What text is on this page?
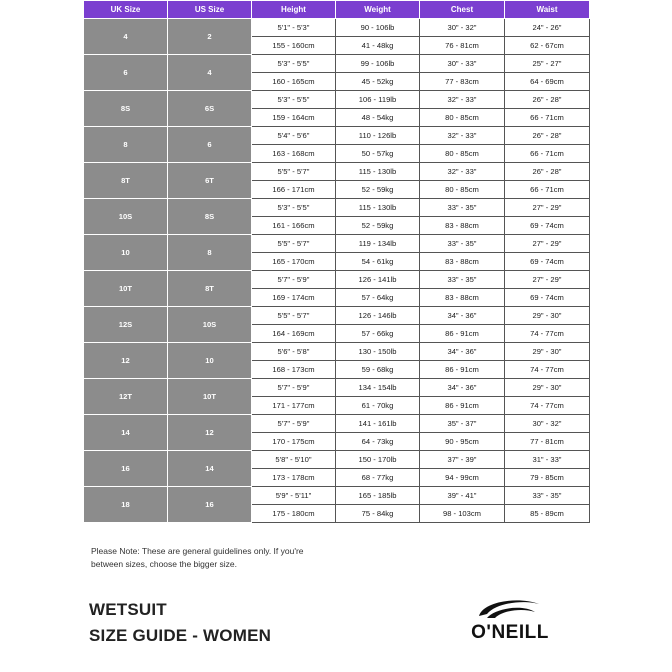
UK Size	US Size	Height	Weight	Chest	Waist
4	2	5'1" - 5'3"	90 - 106lb	30" - 32"	24" - 26"
		155 - 160cm	41 - 48kg	76 - 81cm	62 - 67cm
6	4	5'3" - 5'5"	99 - 106lb	30" - 33"	25" - 27"
		160 - 165cm	45 - 52kg	77 - 83cm	64 - 69cm
8S	6S	5'3" - 5'5"	106 - 119lb	32" - 33"	26" - 28"
		159 - 164cm	48 - 54kg	80 - 85cm	66 - 71cm
8	6	5'4" - 5'6"	110 - 126lb	32" - 33"	26" - 28"
		163 - 168cm	50 - 57kg	80 - 85cm	66 - 71cm
8T	6T	5'5" - 5'7"	115 - 130lb	32" - 33"	26" - 28"
		166 - 171cm	52 - 59kg	80 - 85cm	66 - 71cm
10S	8S	5'3" - 5'5"	115 - 130lb	33" - 35"	27" - 29"
		161 - 166cm	52 - 59kg	83 - 88cm	69 - 74cm
10	8	5'5" - 5'7"	119 - 134lb	33" - 35"	27" - 29"
		165 - 170cm	54 - 61kg	83 - 88cm	69 - 74cm
10T	8T	5'7" - 5'9"	126 - 141lb	33" - 35"	27" - 29"
		169 - 174cm	57 - 64kg	83 - 88cm	69 - 74cm
12S	10S	5'5" - 5'7"	126 - 146lb	34" - 36"	29" - 30"
		164 - 169cm	57 - 66kg	86 - 91cm	74 - 77cm
12	10	5'6" - 5'8"	130 - 150lb	34" - 36"	29" - 30"
		168 - 173cm	59 - 68kg	86 - 91cm	74 - 77cm
12T	10T	5'7" - 5'9"	134 - 154lb	34" - 36"	29" - 30"
		171 - 177cm	61 - 70kg	86 - 91cm	74 - 77cm
14	12	5'7" - 5'9"	141 - 161lb	35" - 37"	30" - 32"
		170 - 175cm	64 - 73kg	90 - 95cm	77 - 81cm
16	14	5'8" - 5'10"	150 - 170lb	37" - 39"	31" - 33"
		173 - 178cm	68 - 77kg	94 - 99cm	79 - 85cm
18	16	5'9" - 5'11"	165 - 185lb	39" - 41"	33" - 35"
		175 - 180cm	75 - 84kg	98 - 103cm	85 - 89cm
Please Note: These are general guidelines only. If you're
between sizes, choose the bigger size.
WETSUIT
SIZE GUIDE - WOMEN	O'NEILL
